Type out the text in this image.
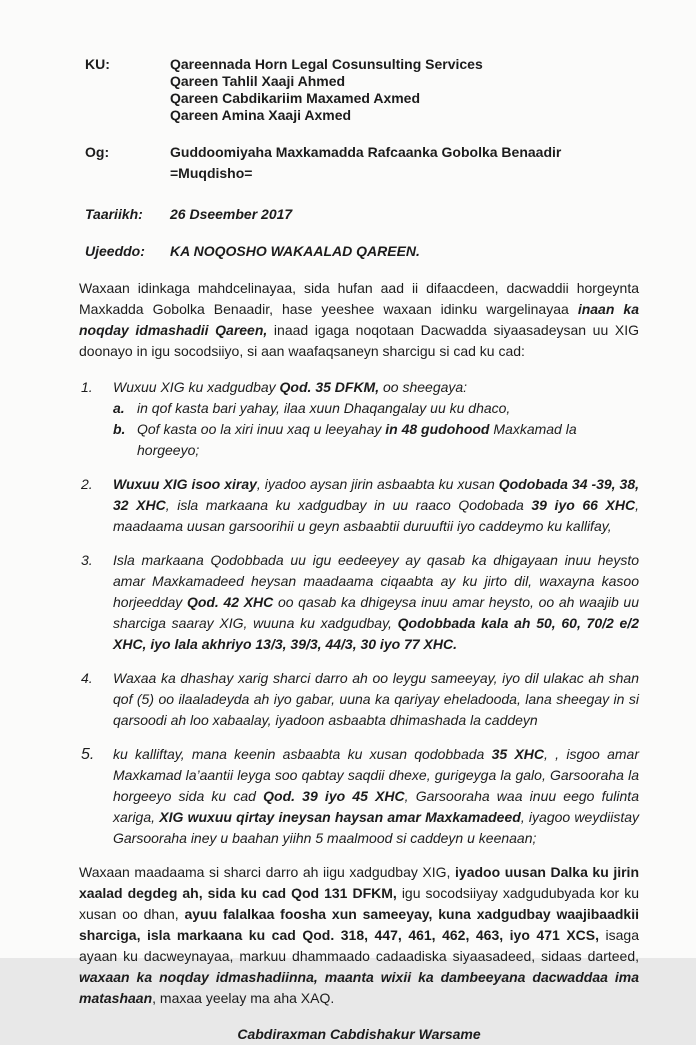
KU:	Qareennada Horn Legal Cosunsulting Services
Qareen Tahlil Xaaji Ahmed
Qareen Cabdikariim Maxamed Axmed
Qareen Amina Xaaji Axmed
Og:	Guddoomiyaha Maxkamadda Rafcaanka Gobolka Benaadir=Muqdisho=
Taariikh:	26 Dseember 2017
Ujeeddo:	KA NOQOSHO WAKAALAD QAREEN.

Waxaan idinkaga mahdcelinayaa, sida hufan aad ii difaacdeen, dacwaddii horgeynta Maxkadda Gobolka Benaadir, hase yeeshee waxaan idinku wargelinayaa inaan ka noqday idmashadii Qareen, inaad igaga noqotaan Dacwadda siyaasadeysan uu XIG doonayo in igu socodsiiyo, si aan waafaqsaneyn sharcigu si cad ku cad:

1.	Wuxuu XIG ku xadgudbay Qod. 35 DFKM, oo sheegaya:

a. in qof kasta bari yahay, ilaa xuun Dhaqangalay uu ku dhaco,

b. Qof kasta oo la xiri inuu xaq u leeyahay in 48 gudohood Maxkamad la horgeeyo;

2.	Wuxuu XIG isoo xiray, iyadoo aysan jirin asbaabta ku xusan Qodobada 34 -39, 38, 32 XHC, isla markaana ku xadgudbay in uu raaco Qodobada 39 iyo 66 XHC, maadaama uusan garsoorihii u geyn asbaabtii duruuftii iyo caddeymo ku kallifay,

3.	Isla markaana Qodobbada uu igu eedeeyey ay qasab ka dhigayaan inuu heysto amar Maxkamadeed heysan maadaama ciqaabta ay ku jirto dil, waxayna kasoo horjeedday Qod. 42 XHC oo qasab ka dhigeysa inuu amar heysto, oo ah waajib uu sharciga saaray XIG, wuuna ku xadgudbay, Qodobbada kala ah 50, 60, 70/2 e/2 XHC, iyo lala akhriyo 13/3, 39/3, 44/3, 30 iyo 77 XHC.

4.	Waxaa ka dhashay xarig sharci darro ah oo leygu sameeyay, iyo dil ulakac ah shan qof (5) oo ilaaladeyda ah iyo gabar, uuna ka qariyay eheladooda, lana sheegay in si qarsoodi ah loo xabaalay, iyadoon asbaabta dhimashada la caddeyn

5.	ku kalliftay, mana keenin asbaabta ku xusan qodobbada 35 XHC, , isgoo amar Maxkamad la’aantii leyga soo qabtay saqdii dhexe, gurigeyga la galo, Garsooraha la horgeeyo sida ku cad Qod. 39 iyo 45 XHC, Garsooraha waa inuu eego fulinta xariga, XIG wuxuu qirtay ineysan haysan amar Maxkamadeed, iyagoo weydiistay Garsooraha iney u baahan yiihn 5 maalmood si caddeyn u keenaan;

Waxaan maadaama si sharci darro ah iigu xadgudbay XIG, iyadoo uusan Dalka ku jirin xaalad degdeg ah, sida ku cad Qod 131 DFKM, igu socodsiiyay xadgudubyada kor ku xusan oo dhan, ayuu falalkaa foosha xun sameeyay, kuna xadgudbay waajibaadkii sharciga, isla markaana ku cad Qod. 318, 447, 461, 462, 463, iyo 471 XCS, isaga ayaan ku dacweynayaa, markuu dhammaado cadaadiska siyaasadeed, sidaas darteed, waxaan ka noqday idmashadiinna, maanta wixii ka dambeeyana dacwaddaa ima matashaan, maxaa yeelay ma aha XAQ.

Cabdiraxman Cabdishakur Warsame
